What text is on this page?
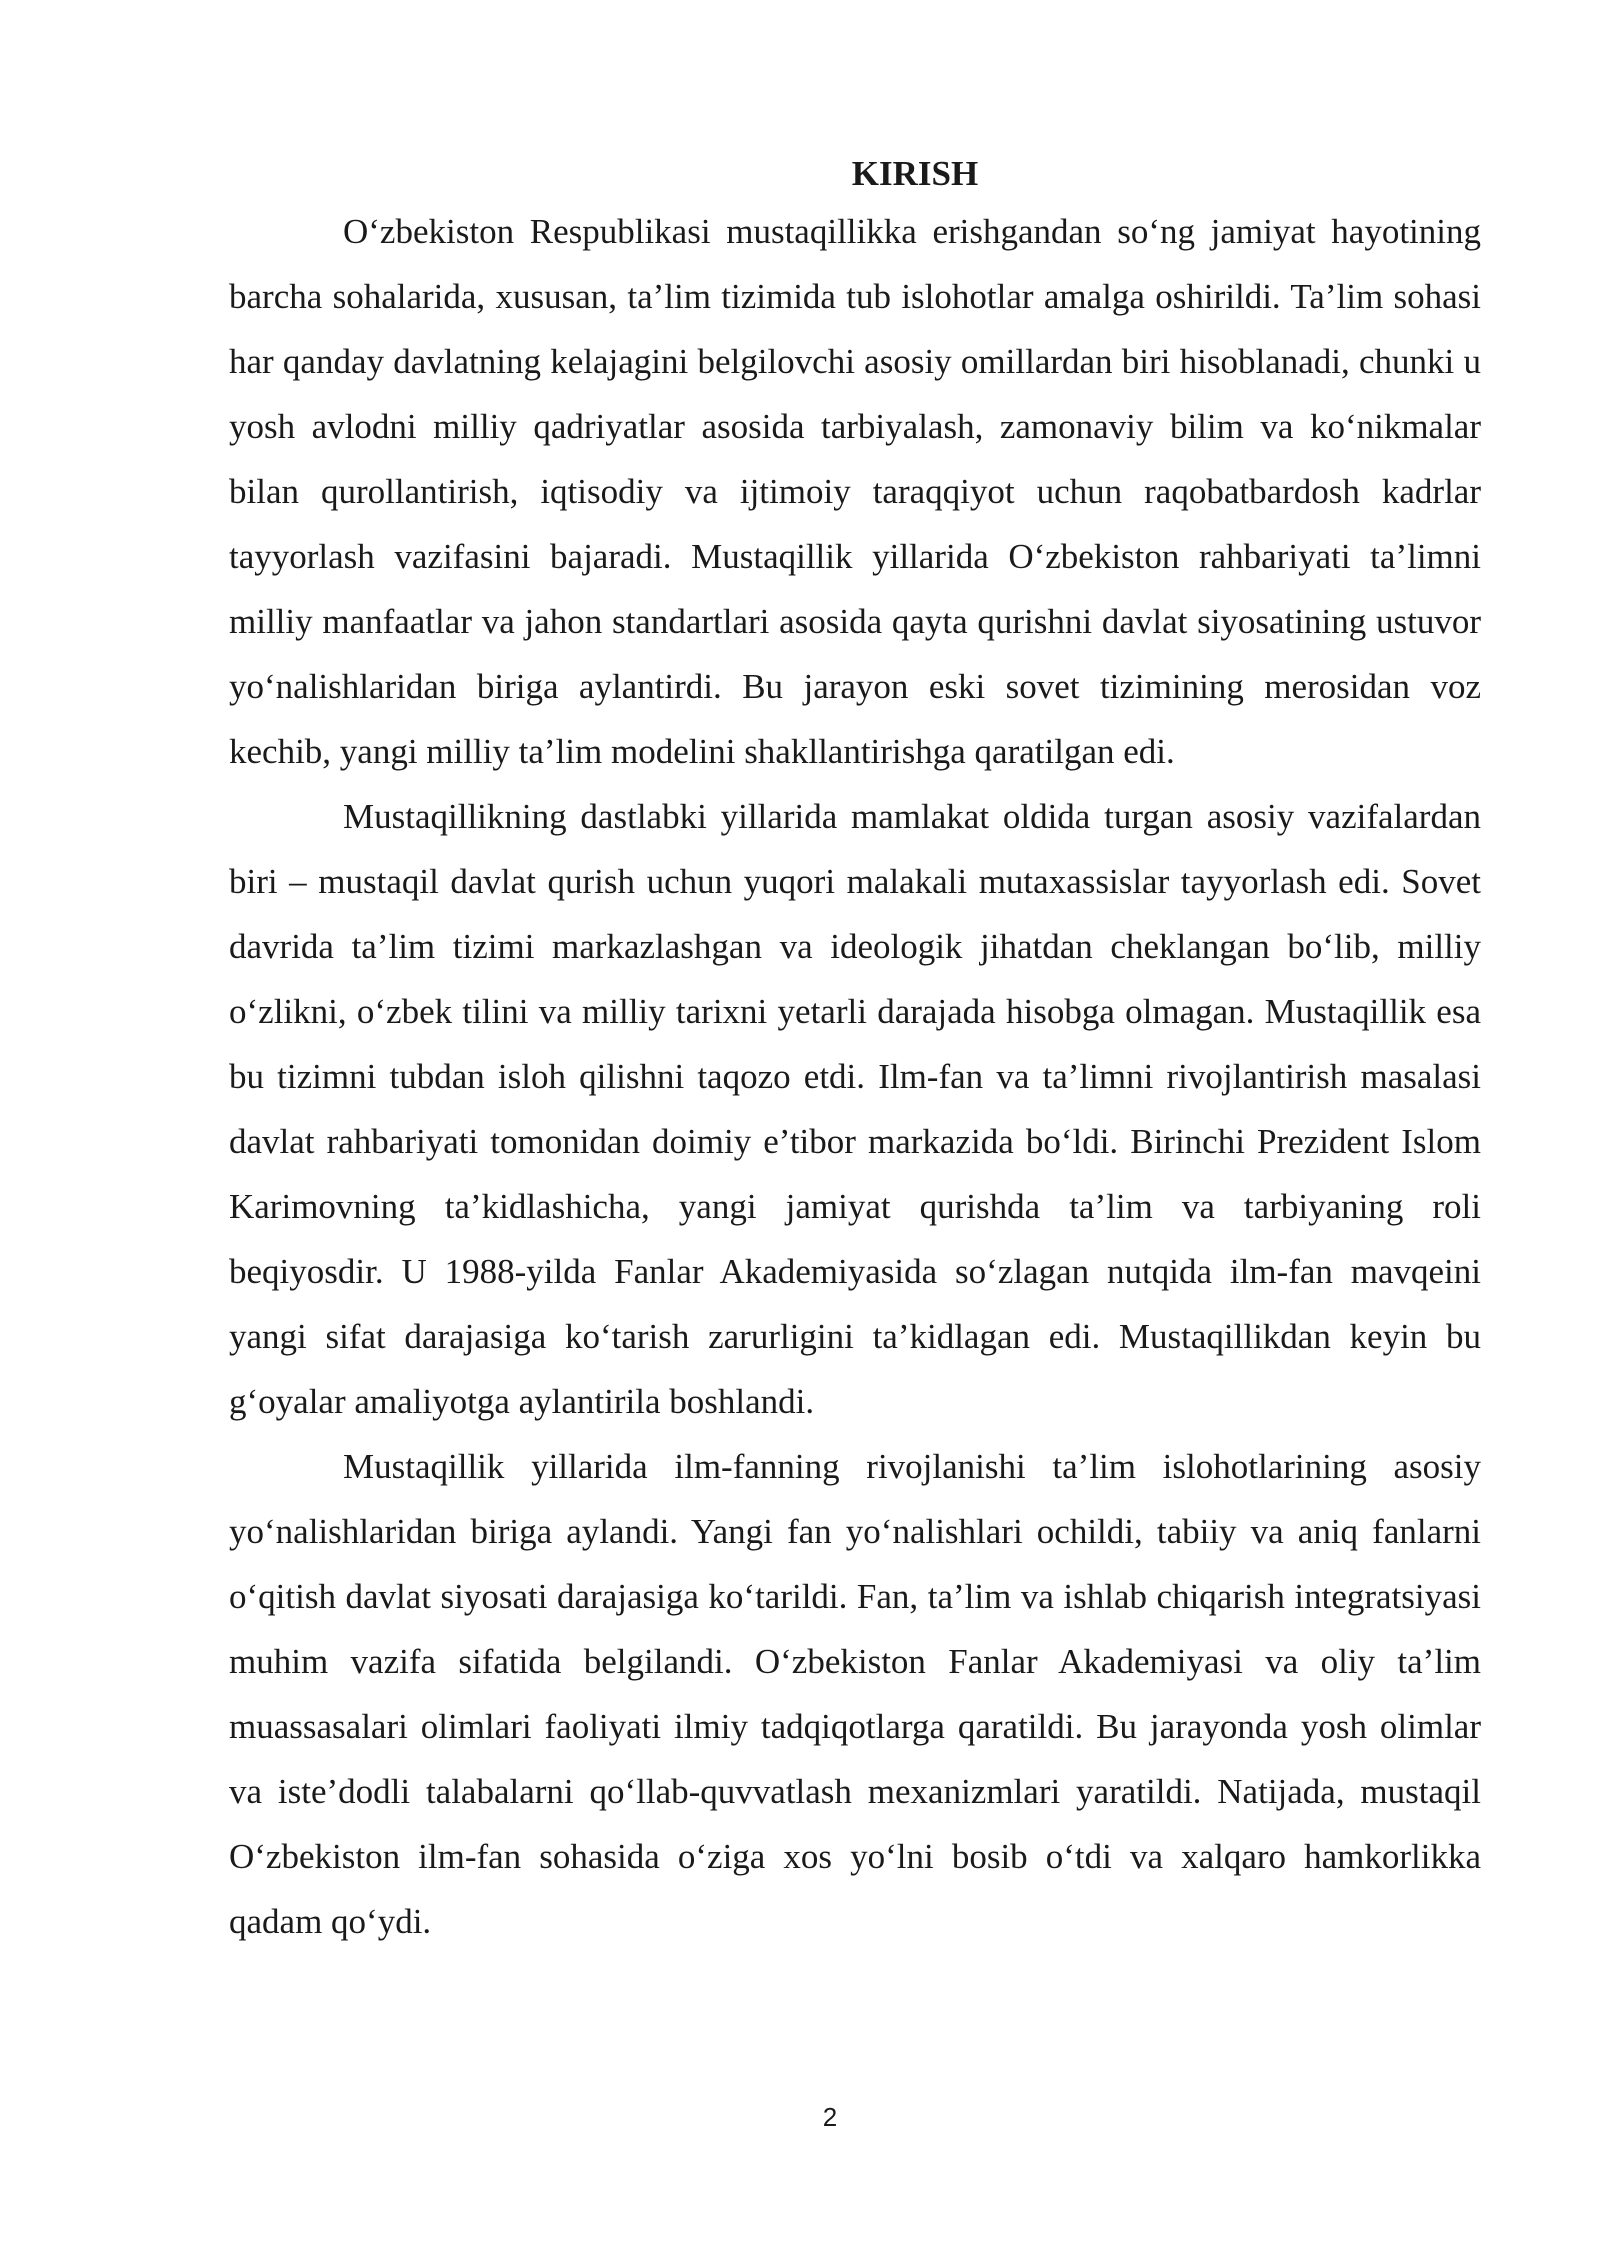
KIRISH

O‘zbekiston Respublikasi mustaqillikka erishgandan so‘ng jamiyat hayotining barcha sohalarida, xususan, ta’lim tizimida tub islohotlar amalga oshirildi. Ta’lim sohasi har qanday davlatning kelajagini belgilovchi asosiy omillardan biri hisoblanadi, chunki u yosh avlodni milliy qadriyatlar asosida tarbiyalash, zamonaviy bilim va ko‘nikmalar bilan qurollantirish, iqtisodiy va ijtimoiy taraqqiyot uchun raqobatbardosh kadrlar tayyorlash vazifasini bajaradi. Mustaqillik yillarida O‘zbekiston rahbariyati ta’limni milliy manfaatlar va jahon standartlari asosida qayta qurishni davlat siyosatining ustuvor yo‘nalishlaridan biriga aylantirdi. Bu jarayon eski sovet tizimining merosidan voz kechib, yangi milliy ta’lim modelini shakllantirishga qaratilgan edi.

Mustaqillikning dastlabki yillarida mamlakat oldida turgan asosiy vazifalardan biri – mustaqil davlat qurish uchun yuqori malakali mutaxassislar tayyorlash edi. Sovet davrida ta’lim tizimi markazlashgan va ideologik jihatdan cheklangan bo‘lib, milliy o‘zlikni, o‘zbek tilini va milliy tarixni yetarli darajada hisobga olmagan. Mustaqillik esa bu tizimni tubdan isloh qilishni taqozo etdi. Ilm-fan va ta’limni rivojlantirish masalasi davlat rahbariyati tomonidan doimiy e’tibor markazida bo‘ldi. Birinchi Prezident Islom Karimovning ta’kidlashicha, yangi jamiyat qurishda ta’lim va tarbiyaning roli beqiyosdir. U 1988-yilda Fanlar Akademiyasida so‘zlagan nutqida ilm-fan mavqeini yangi sifat darajasiga ko‘tarish zarurligini ta’kidlagan edi. Mustaqillikdan keyin bu g‘oyalar amaliyotga aylantirila boshlandi.

Mustaqillik yillarida ilm-fanning rivojlanishi ta’lim islohotlarining asosiy yo‘nalishlaridan biriga aylandi. Yangi fan yo‘nalishlari ochildi, tabiiy va aniq fanlarni o‘qitish davlat siyosati darajasiga ko‘tarildi. Fan, ta’lim va ishlab chiqarish integratsiyasi muhim vazifa sifatida belgilandi. O‘zbekiston Fanlar Akademiyasi va oliy ta’lim muassasalari olimlari faoliyati ilmiy tadqiqotlarga qaratildi. Bu jarayonda yosh olimlar va iste’dodli talabalarni qo‘llab-quvvatlash mexanizmlari yaratildi. Natijada, mustaqil O‘zbekiston ilm-fan sohasida o‘ziga xos yo‘lni bosib o‘tdi va xalqaro hamkorlikka qadam qo‘ydi.

2
